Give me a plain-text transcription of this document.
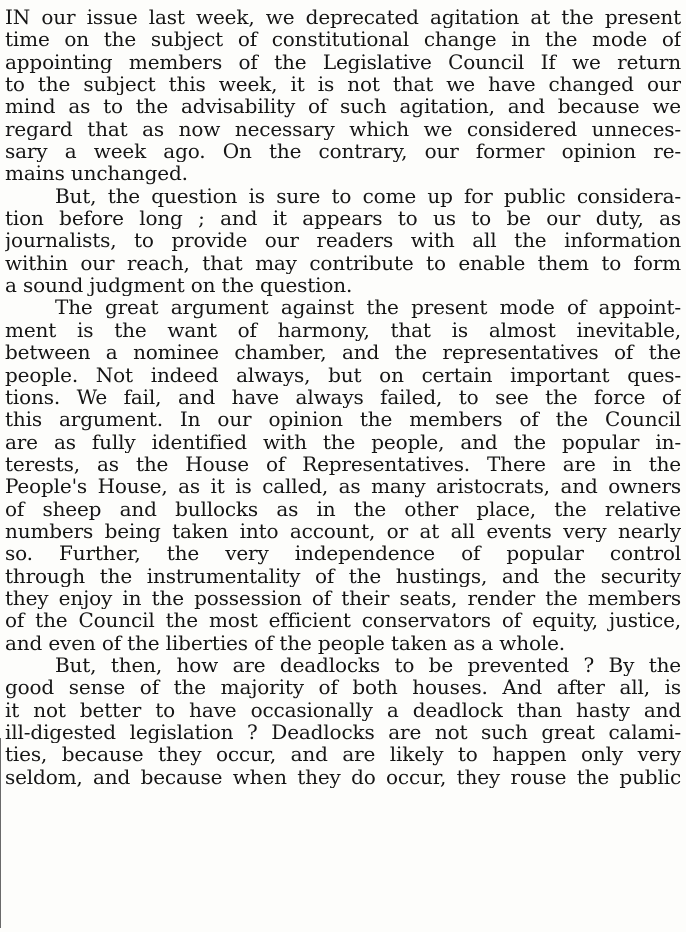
IN our issue last week, we deprecated agitation at the present
time on the subject of constitutional change in the mode of
appointing members of the Legislative Council If we return
to the subject this week, it is not that we have changed our
mind as to the advisability of such agitation, and because we
regard that as now necessary which we considered unneces-
sary a week ago. On the contrary, our former opinion re-
mains unchanged.
But, the question is sure to come up for public considera-
tion before long ; and it appears to us to be our duty, as
journalists, to provide our readers with all the information
within our reach, that may contribute to enable them to form
a sound judgment on the question.
The great argument against the present mode of appoint-
ment is the want of harmony, that is almost inevitable,
between a nominee chamber, and the representatives of the
people. Not indeed always, but on certain important ques-
tions. We fail, and have always failed, to see the force of
this argument. In our opinion the members of the Council
are as fully identified with the people, and the popular in-
terests, as the House of Representatives. There are in the
People's House, as it is called, as many aristocrats, and owners
of sheep and bullocks as in the other place, the relative
numbers being taken into account, or at all events very nearly
so. Further, the very independence of popular control
through the instrumentality of the hustings, and the security
they enjoy in the possession of their seats, render the members
of the Council the most efficient conservators of equity, justice,
and even of the liberties of the people taken as a whole.
But, then, how are deadlocks to be prevented ? By the
good sense of the majority of both houses. And after all, is
it not better to have occasionally a deadlock than hasty and
ill-digested legislation ? Deadlocks are not such great calami-
ties, because they occur, and are likely to happen only very
seldom, and because when they do occur, they rouse the public
